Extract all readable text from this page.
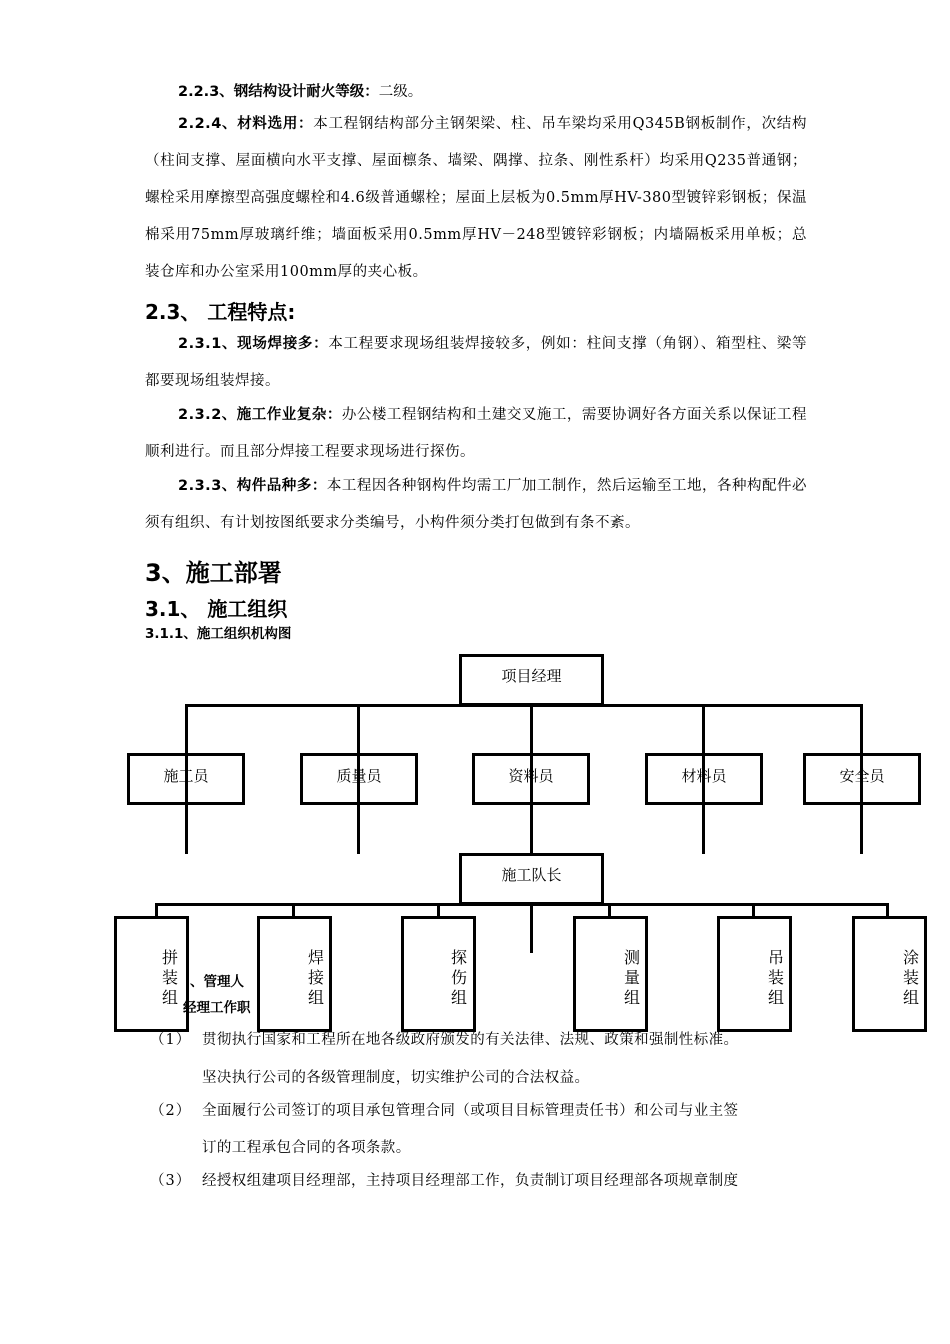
2.2.3、钢结构设计耐火等级：二级。
2.2.4、材料选用：本工程钢结构部分主钢架梁、柱、吊车梁均采用Q345B钢板制作，次结构（柱间支撑、屋面横向水平支撑、屋面檩条、墙梁、隅撑、拉条、刚性系杆）均采用Q235普通钢；螺栓采用摩擦型高强度螺栓和4.6级普通螺栓；屋面上层板为0.5mm厚HV-380型镀锌彩钢板；保温棉采用75mm厚玻璃纤维；墙面板采用0.5mm厚HV－248型镀锌彩钢板；内墙隔板采用单板；总装仓库和办公室采用100mm厚的夹心板。
2.3、 工程特点:
2.3.1、现场焊接多：本工程要求现场组装焊接较多，例如：柱间支撑（角钢）、箱型柱、梁等都要现场组装焊接。
2.3.2、施工作业复杂：办公楼工程钢结构和土建交叉施工，需要协调好各方面关系以保证工程顺利进行。而且部分焊接工程要求现场进行探伤。
2.3.3、构件品种多：本工程因各种钢构件均需工厂加工制作，然后运输至工地，各种构配件必须有组织、有计划按图纸要求分类编号，小构件须分类打包做到有条不紊。
3、施工部署
3.1、 施工组织
3.1.1、施工组织机构图
、管理人
经理工作职
项目经理
施工员	质量员	资料员	材料员	安全员
施工队长
拼装组
焊接组
探伤组
测量组
吊装组
涂装组
（1） 贯彻执行国家和工程所在地各级政府颁发的有关法律、法规、政策和强制性标准。
坚决执行公司的各级管理制度，切实维护公司的合法权益。
（2） 全面履行公司签订的项目承包管理合同（或项目目标管理责任书）和公司与业主签
订的工程承包合同的各项条款。
（3） 经授权组建项目经理部，主持项目经理部工作，负责制订项目经理部各项规章制度
